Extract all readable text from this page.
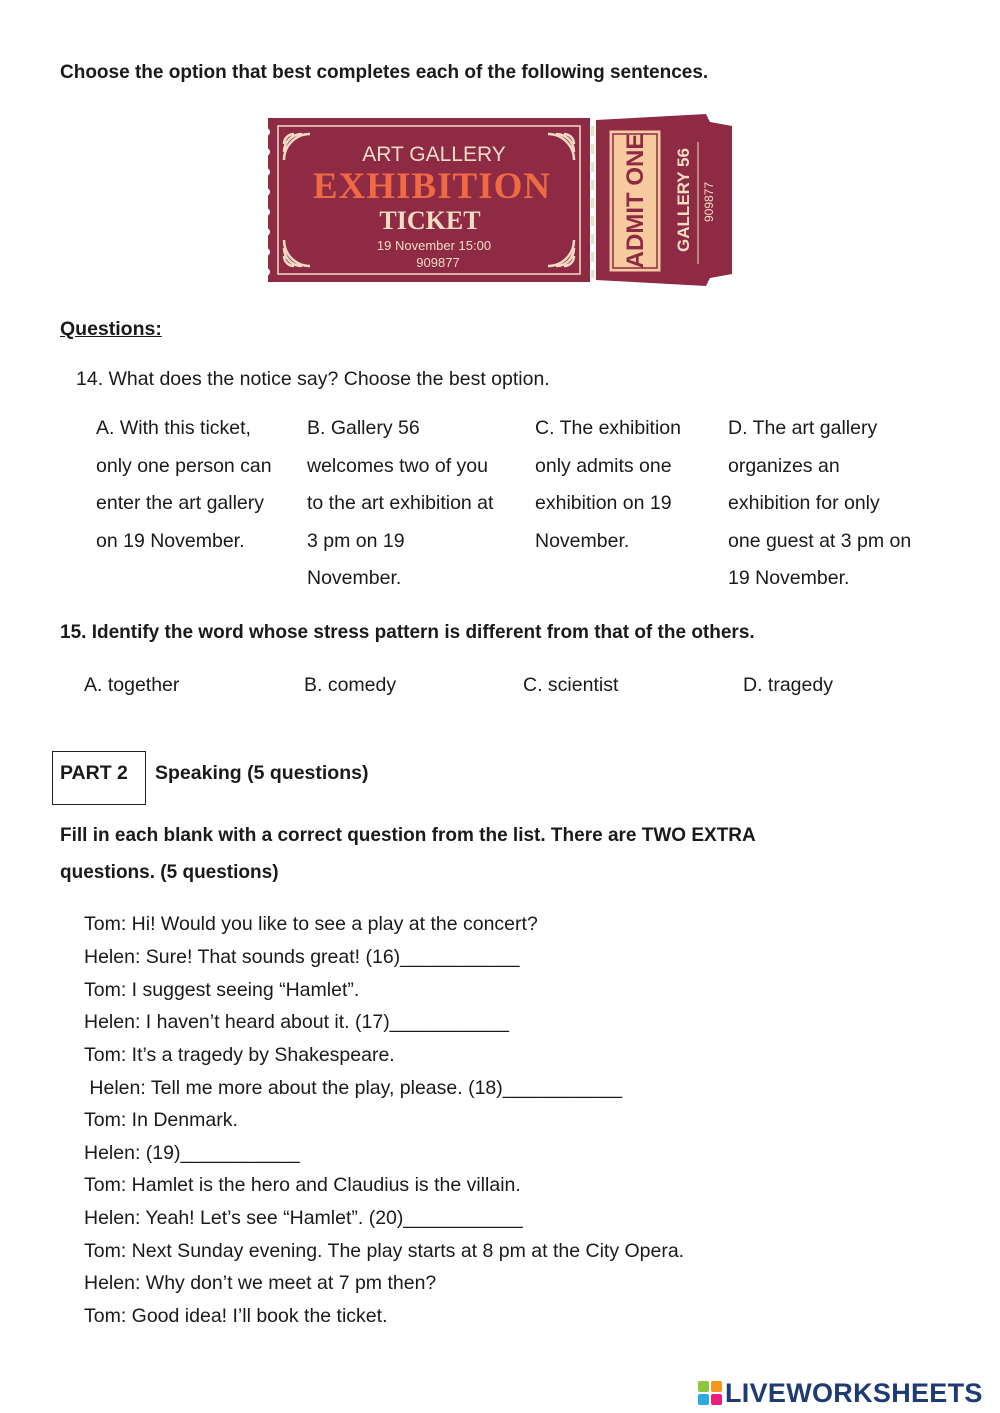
Choose the option that best completes each of the following sentences.
ART GALLERY
EXHIBITION
TICKET
19 November 15:00
909877	ADMIT ONE GALLERY 56 909877
Questions:
14. What does the notice say? Choose the best option.
A. With this ticket,
only one person can
enter the art gallery
on 19 November.
B. Gallery 56
welcomes two of you
to the art exhibition at
3 pm on 19
November.
C. The exhibition
only admits one
exhibition on 19
November.
D. The art gallery
organizes an
exhibition for only
one guest at 3 pm on
19 November.
15. Identify the word whose stress pattern is different from that of the others.
A. together	B. comedy	C. scientist	D. tragedy
PART 2 Speaking (5 questions)
Fill in each blank with a correct question from the list. There are TWO EXTRA
questions. (5 questions)
Tom: Hi! Would you like to see a play at the concert?
Helen: Sure! That sounds great! (16)___________
Tom: I suggest seeing “Hamlet”.
Helen: I haven’t heard about it. (17)___________
Tom: It’s a tragedy by Shakespeare.
Helen: Tell me more about the play, please. (18)___________
Tom: In Denmark.
Helen: (19)___________
Tom: Hamlet is the hero and Claudius is the villain.
Helen: Yeah! Let’s see “Hamlet”. (20)___________
Tom: Next Sunday evening. The play starts at 8 pm at the City Opera.
Helen: Why don’t we meet at 7 pm then?
Tom: Good idea! I’ll book the ticket.
LIVEWORKSHEETS
